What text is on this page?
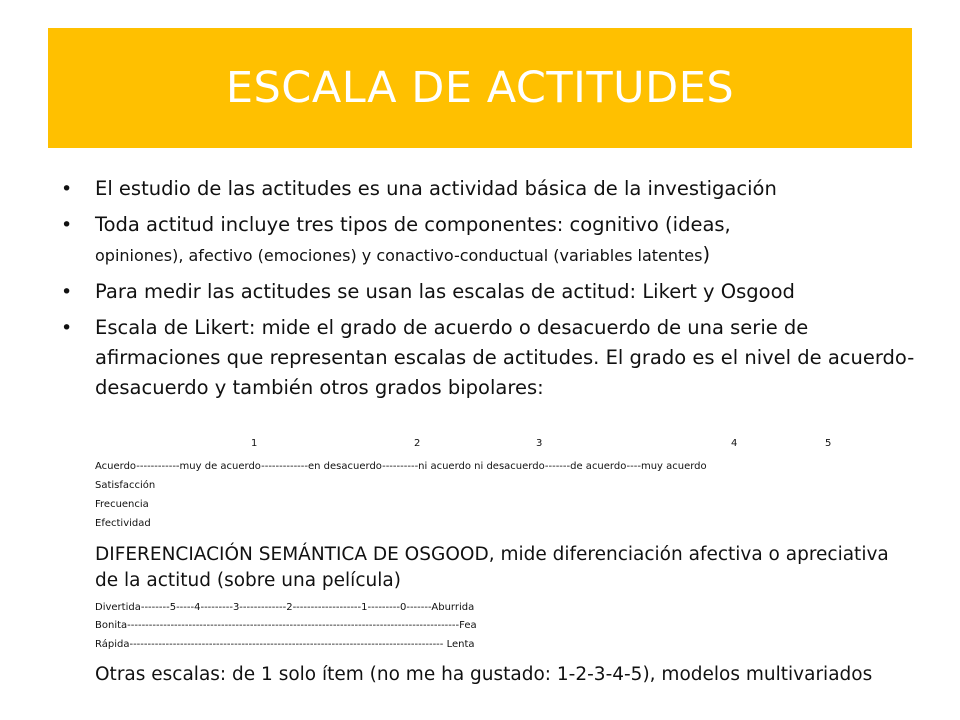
ESCALA DE ACTITUDES
• El estudio de las actitudes es una actividad básica de la investigación
• Toda actitud incluye tres tipos de componentes: cognitivo (ideas,
opiniones), afectivo (emociones) y conactivo-conductual (variables latentes)
• Para medir las actitudes se usan las escalas de actitud: Likert y Osgood
• Escala de Likert: mide el grado de acuerdo o desacuerdo de una serie de afirmaciones que representan escalas de actitudes. El grado es el nivel de acuerdo-desacuerdo y también otros grados bipolares:
1	2	3	4	5
Acuerdo------------muy de acuerdo-------------en desacuerdo----------ni acuerdo ni desacuerdo-------de acuerdo----muy acuerdo
Satisfacción
Frecuencia
Efectividad
DIFERENCIACIÓN SEMÁNTICA DE OSGOOD, mide diferenciación afectiva o apreciativa de la actitud (sobre una película)
Divertida--------5-----4---------3-------------2-------------------1---------0-------Aburrida
Bonita--------------------------------------------------------------------------------------------Fea
Rápida--------------------------------------------------------------------------------------- Lenta
Otras escalas: de 1 solo ítem (no me ha gustado: 1-2-3-4-5), modelos multivariados
